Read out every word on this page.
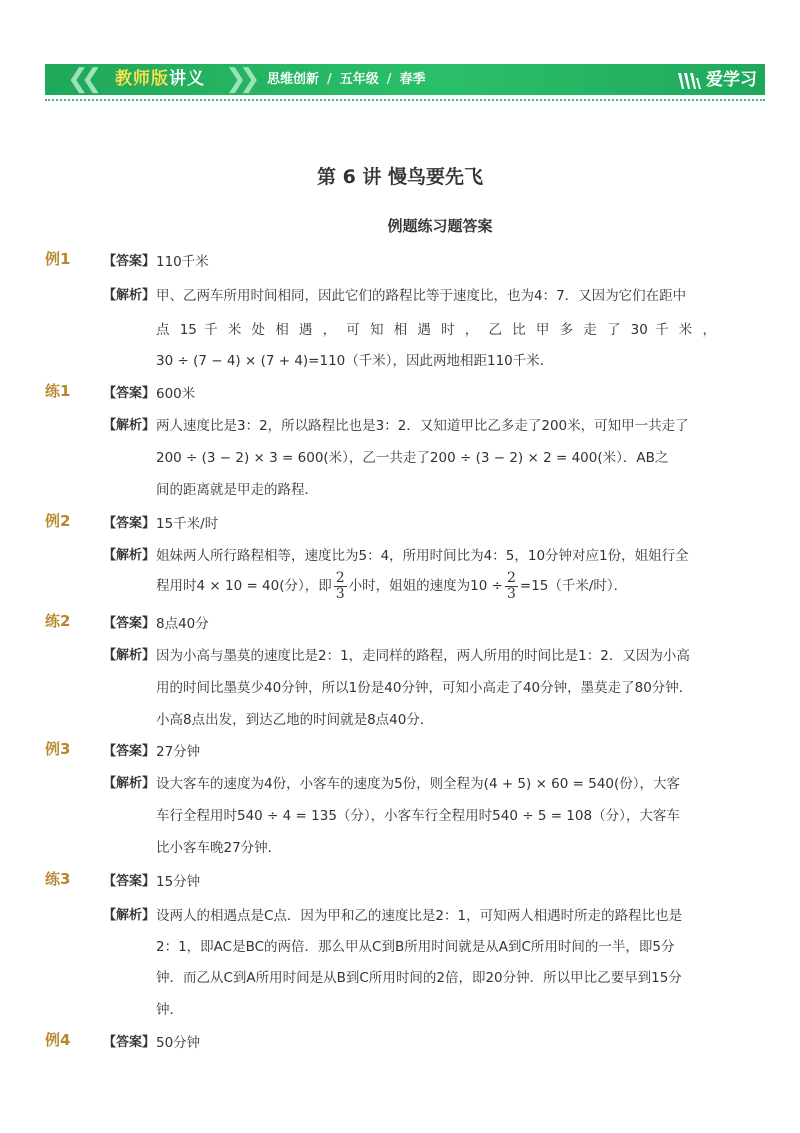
❮❮ 教师版讲义 ❯❯ 思维创新 / 五年级 / 春季	爱学习
第 6 讲 慢鸟要先飞
例题练习题答案
例1	【答案】 110千米
【解析】 甲、乙两车所用时间相同，因此它们的路程比等于速度比，也为4：7．又因为它们在距中
点 15 千 米 处 相 遇 ， 可 知 相 遇 时 ， 乙 比 甲 多 走 了 30 千 米 ，
30 ÷ (7 − 4) × (7 + 4)=110（千米），因此两地相距110千米．
练1	【答案】 600米
【解析】 两人速度比是3：2，所以路程比也是3：2．又知道甲比乙多走了200米，可知甲一共走了
200 ÷ (3 − 2) × 3 = 600(米），乙一共走了200 ÷ (3 − 2) × 2 = 400(米）．AB之
间的距离就是甲走的路程．
例2	【答案】 15千米/时
【解析】 姐妹两人所行路程相等，速度比为5：4，所用时间比为4：5，10分钟对应1份，姐姐行全
程用时4 × 10 = 40(分），即 $\frac{2}{3}$ 小时，姐姐的速度为$10 \div \frac{2}{3} =15$（千米/时）．
练2	【答案】 8点40分
【解析】 因为小高与墨莫的速度比是2：1，走同样的路程，两人所用的时间比是1：2．又因为小高
用的时间比墨莫少40分钟，所以1份是40分钟，可知小高走了40分钟，墨莫走了80分钟．
小高8点出发，到达乙地的时间就是8点40分．
例3	【答案】 27分钟
【解析】 设大客车的速度为4份，小客车的速度为5份，则全程为(4 + 5) × 60 = 540(份），大客
车行全程用时540 ÷ 4 = 135（分），小客车行全程用时540 ÷ 5 = 108（分），大客车
比小客车晚27分钟．
练3	【答案】 15分钟
【解析】 设两人的相遇点是C点．因为甲和乙的速度比是2：1，可知两人相遇时所走的路程比也是
2：1，即AC是BC的两倍．那么甲从C到B所用时间就是从A到C所用时间的一半，即5分
钟．而乙从C到A所用时间是从B到C所用时间的2倍，即20分钟．所以甲比乙要早到15分
钟．
例4	【答案】 50分钟
